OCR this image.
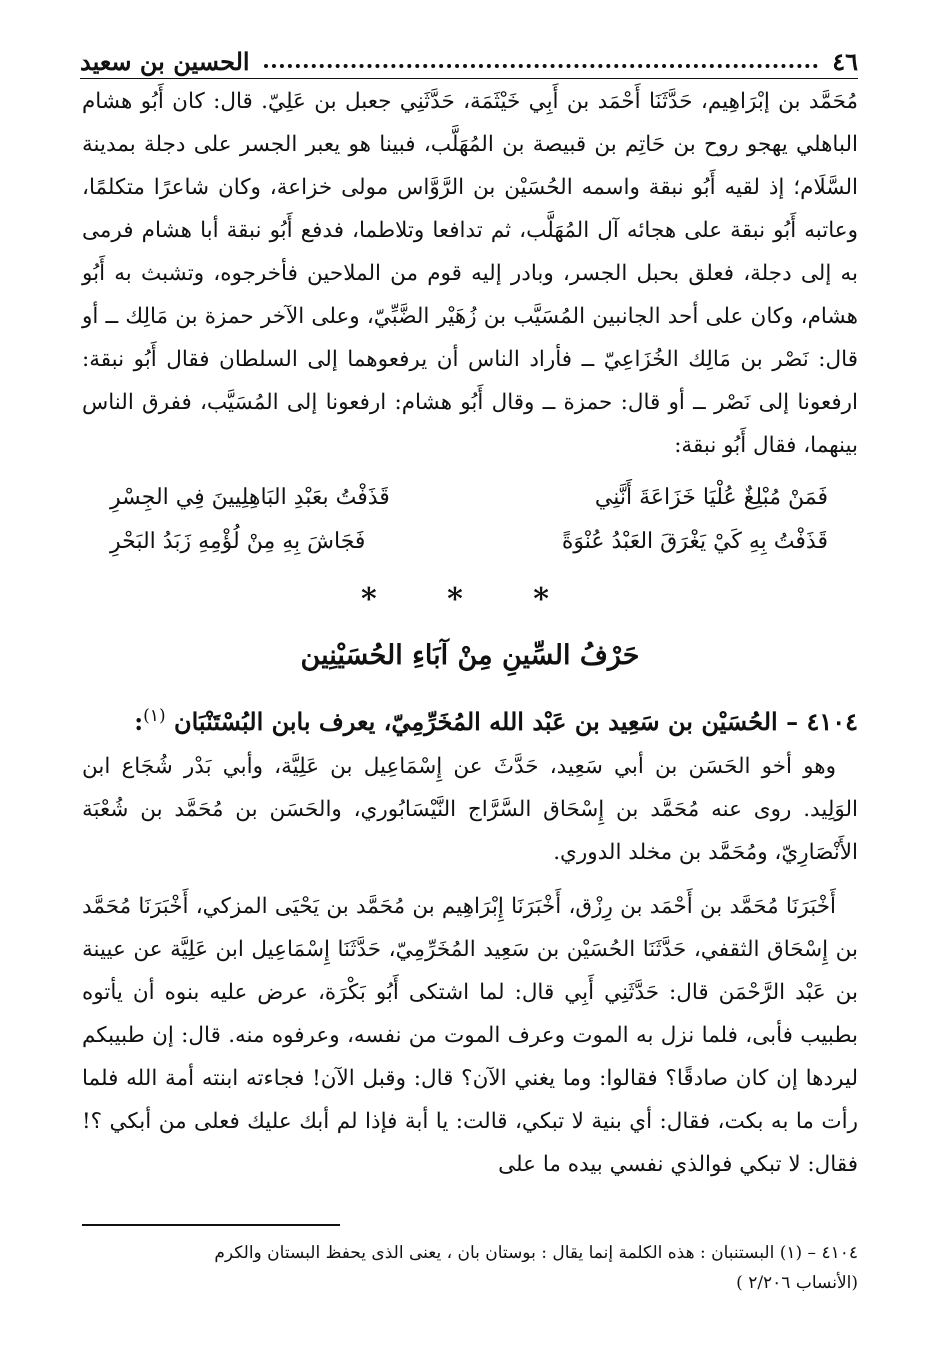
٤٦
الحسين بن سعيد
مُحَمَّد بن إبْرَاهِيم، حَدَّثَنَا أَحْمَد بن أَبِي خَيْثَمَة، حَدَّثَنِي جعبل بن عَلِيّ. قال: كان أَبُو هشام الباهلي يهجو روح بن حَاتِم بن قبيصة بن المُهَلَّب، فبينا هو يعبر الجسر على دجلة بمدينة السَّلَام؛ إذ لقيه أَبُو نبقة واسمه الحُسَيْن بن الرَّوَّاس مولى خزاعة، وكان شاعرًا متكلمًا، وعاتبه أَبُو نبقة على هجائه آل المُهَلَّب، ثم تدافعا وتلاطما، فدفع أَبُو نبقة أبا هشام فرمى به إلى دجلة، فعلق بحبل الجسر، وبادر إليه قوم من الملاحين فأخرجوه، وتشبث به أَبُو هشام، وكان على أحد الجانبين المُسَيَّب بن زُهَيْر الضَّبِّيّ، وعلى الآخر حمزة بن مَالِك ــ أو قال: نَصْر بن مَالِك الخُزَاعِيّ ــ فأراد الناس أن يرفعوهما إلى السلطان فقال أَبُو نبقة: ارفعونا إلى نَصْر ــ أو قال: حمزة ــ وقال أَبُو هشام: ارفعونا إلى المُسَيَّب، ففرق الناس بينهما، فقال أَبُو نبقة:
فَمَنْ مُبْلِغٌ عُلْيَا خَزَاعَةَ أَنَّنِي
قَذَفْتُ بعَبْدِ البَاهِلِيينَ فِي الجِسْرِ
قَذَفْتُ بِهِ كَيْ يَغْرَقَ العَبْدُ عُنْوَةً
فَجَاشَ بِهِ مِنْ لُؤْمِهِ زَبَدُ البَحْرِ
* * *
حَرْفُ السِّينِ مِنْ آبَاءِ الحُسَيْنِين
٤١٠٤ – الحُسَيْن بن سَعِيد بن عَبْد الله المُخَرِّمِيّ، يعرف بابن البُسْتَنْبَان $^{(١)}$:
وهو أخو الحَسَن بن أبي سَعِيد، حَدَّثَ عن إِسْمَاعِيل بن عَلِيَّة، وأبي بَدْر شُجَاع ابن الوَلِيد. روى عنه مُحَمَّد بن إِسْحَاق السَّرَّاج النَّيْسَابُوري، والحَسَن بن مُحَمَّد بن شُعْبَة الأَنْصَارِيّ، ومُحَمَّد بن مخلد الدوري.
أَخْبَرَنَا مُحَمَّد بن أَحْمَد بن رِزْق، أَخْبَرَنَا إِبْرَاهِيم بن مُحَمَّد بن يَحْيَى المزكي، أَخْبَرَنَا مُحَمَّد بن إِسْحَاق الثقفي، حَدَّثَنَا الحُسَيْن بن سَعِيد المُخَرِّمِيّ، حَدَّثَنَا إِسْمَاعِيل ابن عَلِيَّة عن عيينة بن عَبْد الرَّحْمَن قال: حَدَّثَنِي أَبِي قال: لما اشتكى أَبُو بَكْرَة، عرض عليه بنوه أن يأتوه بطبيب فأبى، فلما نزل به الموت وعرف الموت من نفسه، وعرفوه منه. قال: إن طبيبكم ليردها إن كان صادقًا؟ فقالوا: وما يغني الآن؟ قال: وقبل الآن! فجاءته ابنته أمة الله فلما رأت ما به بكت، فقال: أي بنية لا تبكي، قالت: يا أبة فإذا لم أبك عليك فعلى من أبكي ؟! فقال: لا تبكي فوالذي نفسي بيده ما على
٤١٠٤ – (١) البستنبان : هذه الكلمة إنما يقال : بوستان بان ، يعنى الذى يحفظ البستان والكرم
(الأنساب ٢/٢٠٦ )
